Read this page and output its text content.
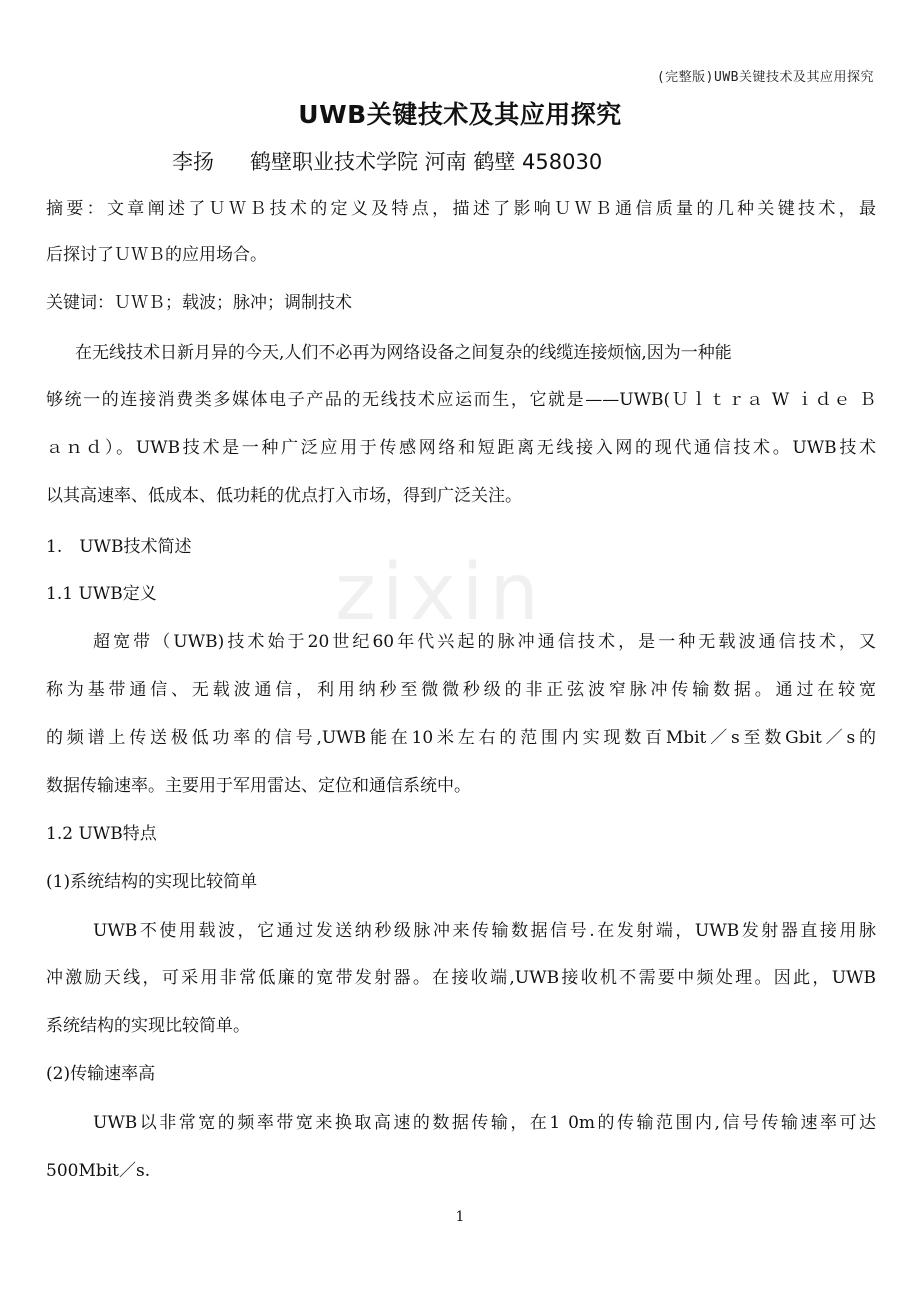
zixin
(完整版)UWB关键技术及其应用探究
UWB关键技术及其应用探究
李扬 鹤壁职业技术学院 河南 鹤壁 458030
摘要：文章阐述了ＵＷＢ技术的定义及特点，描述了影响ＵＷＢ通信质量的几种关键技术，最
后探讨了ＵＷＢ的应用场合。
关键词：ＵＷＢ；载波；脉冲；调制技术
在无线技术日新月异的今天,人们不必再为网络设备之间复杂的线缆连接烦恼,因为一种能
够统一的连接消费类多媒体电子产品的无线技术应运而生，它就是——UWB(Ｕｌｔｒａ W ｉｄｅ Ｂ
ａｎｄ）。UWB技术是一种广泛应用于传感网络和短距离无线接入网的现代通信技术。UWB技术
以其高速率、低成本、低功耗的优点打入市场，得到广泛关注。
1.　UWB技术简述
1.1 UWB定义
超宽带（UWB)技术始于20世纪60年代兴起的脉冲通信技术，是一种无载波通信技术，又
称为基带通信、无载波通信，利用纳秒至微微秒级的非正弦波窄脉冲传输数据。通过在较宽
的频谱上传送极低功率的信号,UWB能在10米左右的范围内实现数百Mbit／s至数Gbit／s的
数据传输速率。主要用于军用雷达、定位和通信系统中。
1.2 UWB特点
(1)系统结构的实现比较简单
UWB不使用载波，它通过发送纳秒级脉冲来传输数据信号.在发射端，UWB发射器直接用脉
冲激励天线，可采用非常低廉的宽带发射器。在接收端,UWB接收机不需要中频处理。因此，UWB
系统结构的实现比较简单。
(2)传输速率高
UWB以非常宽的频率带宽来换取高速的数据传输，在1 0m的传输范围内,信号传输速率可达
500Mbit／s.
1
